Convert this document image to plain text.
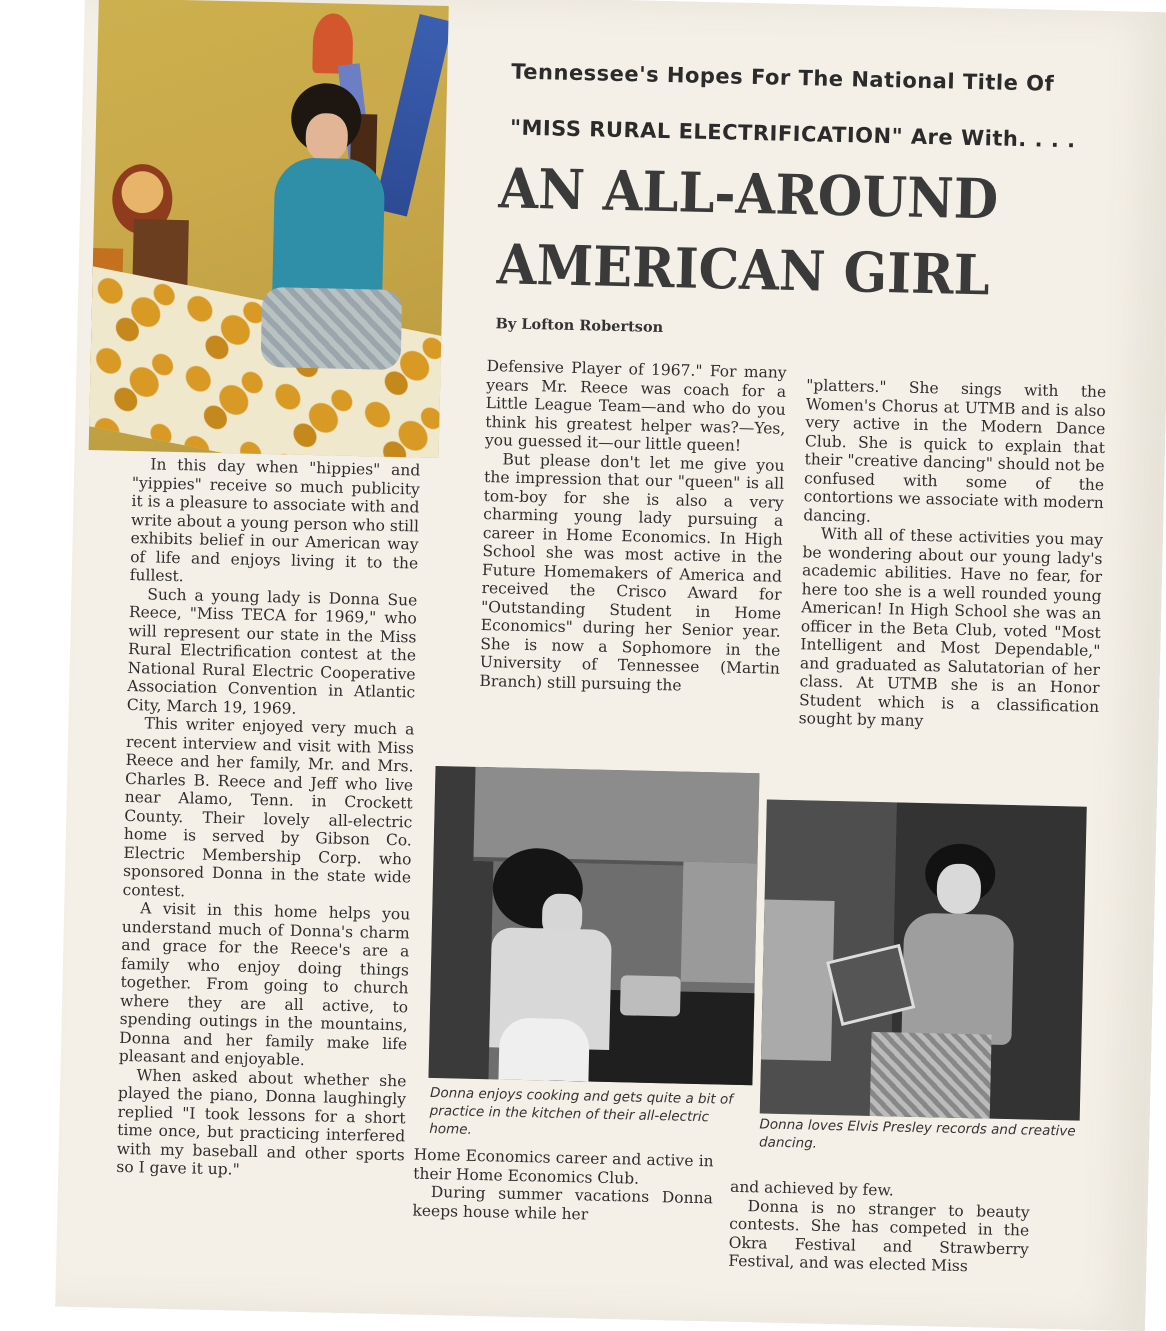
Tennessee's Hopes For The National Title Of

"MISS RURAL ELECTRIFICATION" Are With. . . .

AN ALL-AROUND
AMERICAN GIRL

By Lofton Robertson

In this day when "hippies" and "yippies" receive so much publicity it is a pleasure to associate with and write about a young person who still exhibits belief in our American way of life and enjoys living it to the fullest.

Such a young lady is Donna Sue Reece, "Miss TECA for 1969," who will represent our state in the Miss Rural Electrification contest at the National Rural Electric Cooperative Association Convention in Atlantic City, March 19, 1969.

This writer enjoyed very much a recent interview and visit with Miss Reece and her family, Mr. and Mrs. Charles B. Reece and Jeff who live near Alamo, Tenn. in Crockett County. Their lovely all-electric home is served by Gibson Co. Electric Membership Corp. who sponsored Donna in the state wide contest.

A visit in this home helps you understand much of Donna's charm and grace for the Reece's are a family who enjoy doing things together. From going to church where they are all active, to spending outings in the mountains, Donna and her family make life pleasant and enjoyable.

When asked about whether she played the piano, Donna laughingly replied "I took lessons for a short time once, but practicing interfered with my baseball and other sports so I gave it up."

Defensive Player of 1967." For many years Mr. Reece was coach for a Little League Team—and who do you think his greatest helper was?—Yes, you guessed it—our little queen!

But please don't let me give you the impression that our "queen" is all tom-boy for she is also a very charming young lady pursuing a career in Home Economics. In High School she was most active in the Future Homemakers of America and received the Crisco Award for "Outstanding Student in Home Economics" during her Senior year. She is now a Sophomore in the University of Tennessee (Martin Branch) still pursuing the

"platters." She sings with the Women's Chorus at UTMB and is also very active in the Modern Dance Club. She is quick to explain that their "creative dancing" should not be confused with some of the contortions we associate with modern dancing.

With all of these activities you may be wondering about our young lady's academic abilities. Have no fear, for here too she is a well rounded young American! In High School she was an officer in the Beta Club, voted "Most Intelligent and Most Dependable," and graduated as Salutatorian of her class. At UTMB she is an Honor Student which is a classification sought by many

Donna enjoys cooking and gets quite a bit of practice in the kitchen of their all-electric home.	Donna loves Elvis Presley records and creative dancing.

Home Economics career and active in their Home Economics Club.

During summer vacations Donna keeps house while her

and achieved by few.

Donna is no stranger to beauty contests. She has competed in the Okra Festival and Strawberry Festival, and was elected Miss
